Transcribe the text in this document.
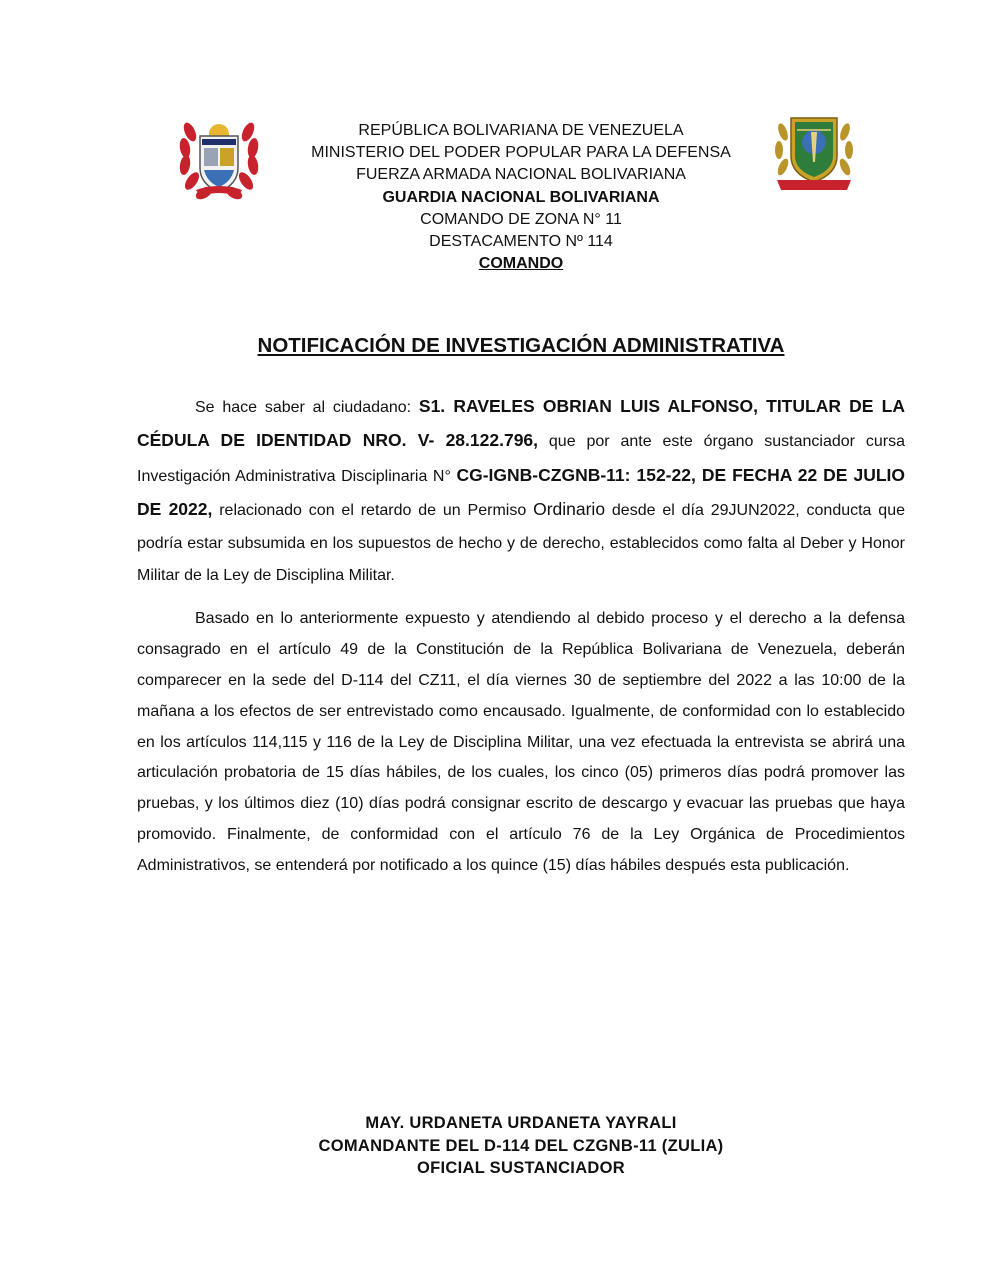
REPÚBLICA BOLIVARIANA DE VENEZUELA
MINISTERIO DEL PODER POPULAR PARA LA DEFENSA
FUERZA ARMADA NACIONAL BOLIVARIANA
GUARDIA NACIONAL BOLIVARIANA
COMANDO DE ZONA N° 11
DESTACAMENTO Nº 114
COMANDO
NOTIFICACIÓN DE INVESTIGACIÓN ADMINISTRATIVA

Se hace saber al ciudadano: S1. RAVELES OBRIAN LUIS ALFONSO, TITULAR DE LA CÉDULA DE IDENTIDAD NRO. V- 28.122.796, que por ante este órgano sustanciador cursa Investigación Administrativa Disciplinaria N° CG-IGNB-CZGNB-11: 152-22, DE FECHA 22 DE JULIO DE 2022, relacionado con el retardo de un Permiso Ordinario desde el día 29JUN2022, conducta que podría estar subsumida en los supuestos de hecho y de derecho, establecidos como falta al Deber y Honor Militar de la Ley de Disciplina Militar.

Basado en lo anteriormente expuesto y atendiendo al debido proceso y el derecho a la defensa consagrado en el artículo 49 de la Constitución de la República Bolivariana de Venezuela, deberán comparecer en la sede del D-114 del CZ11, el día viernes 30 de septiembre del 2022 a las 10:00 de la mañana a los efectos de ser entrevistado como encausado. Igualmente, de conformidad con lo establecido en los artículos 114,115 y 116 de la Ley de Disciplina Militar, una vez efectuada la entrevista se abrirá una articulación probatoria de 15 días hábiles, de los cuales, los cinco (05) primeros días podrá promover las pruebas, y los últimos diez (10) días podrá consignar escrito de descargo y evacuar las pruebas que haya promovido. Finalmente, de conformidad con el artículo 76 de la Ley Orgánica de Procedimientos Administrativos, se entenderá por notificado a los quince (15) días hábiles después esta publicación.

MAY. URDANETA URDANETA YAYRALI
COMANDANTE DEL D-114 DEL CZGNB-11 (ZULIA)
OFICIAL SUSTANCIADOR
